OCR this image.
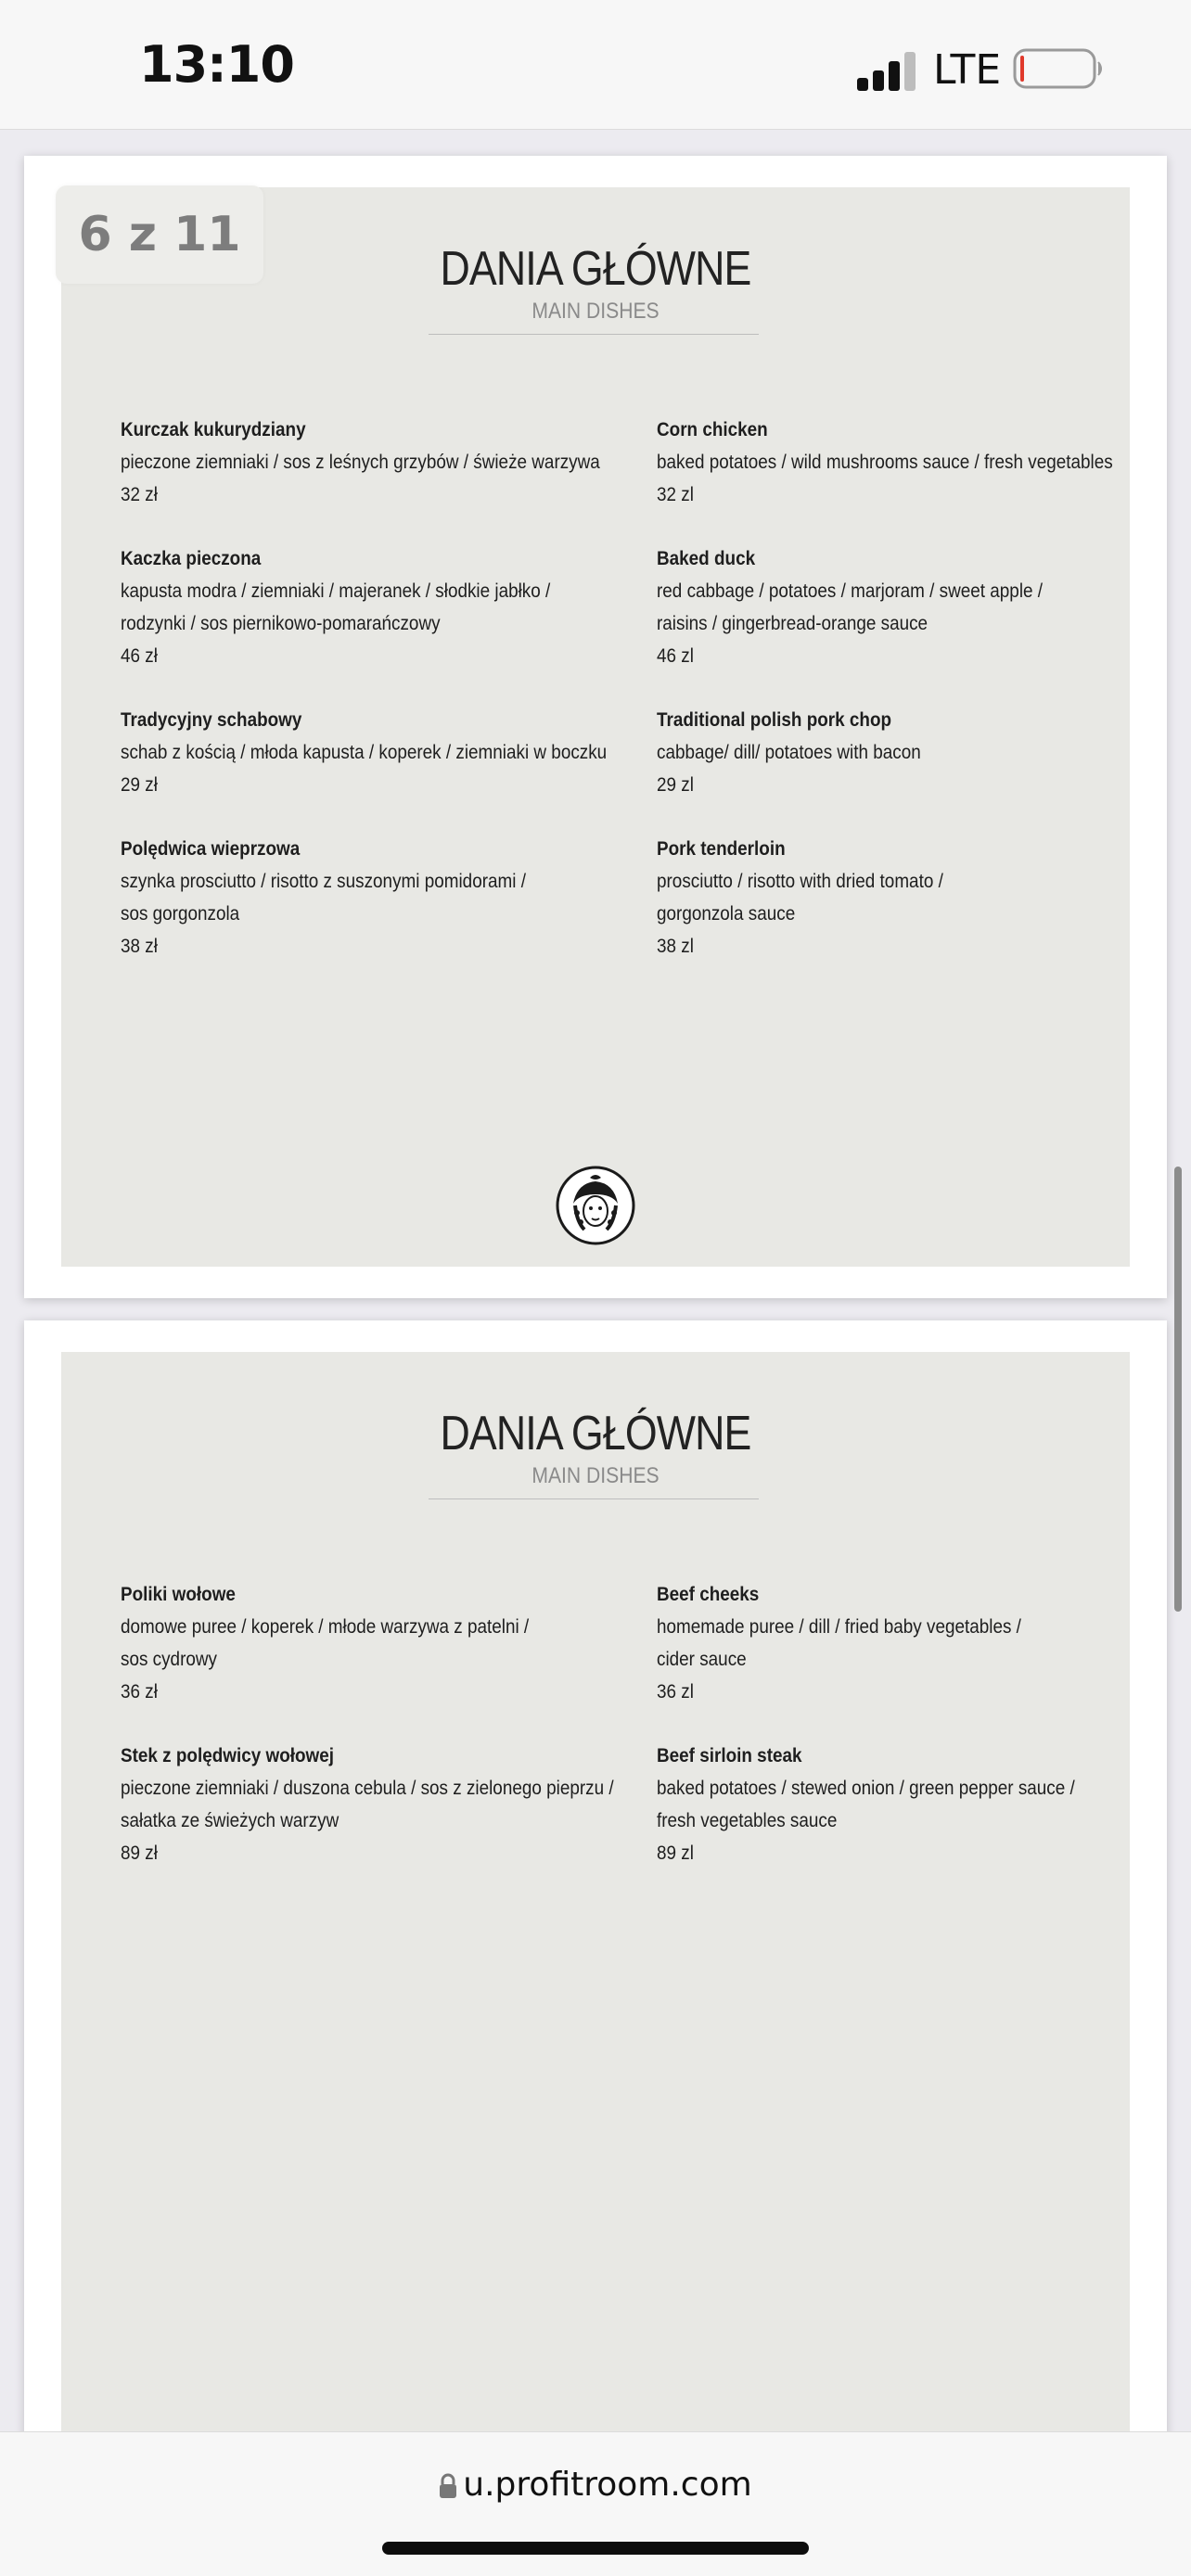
13:10	LTE
DANIA GŁÓWNE
MAIN DISHES
Kurczak kukurydziany
pieczone ziemniaki / sos z leśnych grzybów / świeże warzywa
32 zł
Kaczka pieczona
kapusta modra / ziemniaki / majeranek / słodkie jabłko /
rodzynki / sos piernikowo-pomarańczowy
46 zł
Tradycyjny schabowy
schab z kością / młoda kapusta / koperek / ziemniaki w boczku
29 zł
Polędwica wieprzowa
szynka prosciutto / risotto z suszonymi pomidorami /
sos gorgonzola
38 zł
Corn chicken
baked potatoes / wild mushrooms sauce / fresh vegetables
32 zl
Baked duck
red cabbage / potatoes / marjoram / sweet apple /
raisins / gingerbread-orange sauce
46 zl
Traditional polish pork chop
cabbage/ dill/ potatoes with bacon
29 zl
Pork tenderloin
prosciutto / risotto with dried tomato /
gorgonzola sauce
38 zl
6 z 11
DANIA GŁÓWNE
MAIN DISHES
Poliki wołowe
domowe puree / koperek / młode warzywa z patelni /
sos cydrowy
36 zł
Stek z polędwicy wołowej
pieczone ziemniaki / duszona cebula / sos z zielonego pieprzu /
sałatka ze świeżych warzyw
89 zł
Beef cheeks
homemade puree / dill / fried baby vegetables /
cider sauce
36 zl
Beef sirloin steak
baked potatoes / stewed onion / green pepper sauce /
fresh vegetables sauce
89 zl
u.profitroom.com
